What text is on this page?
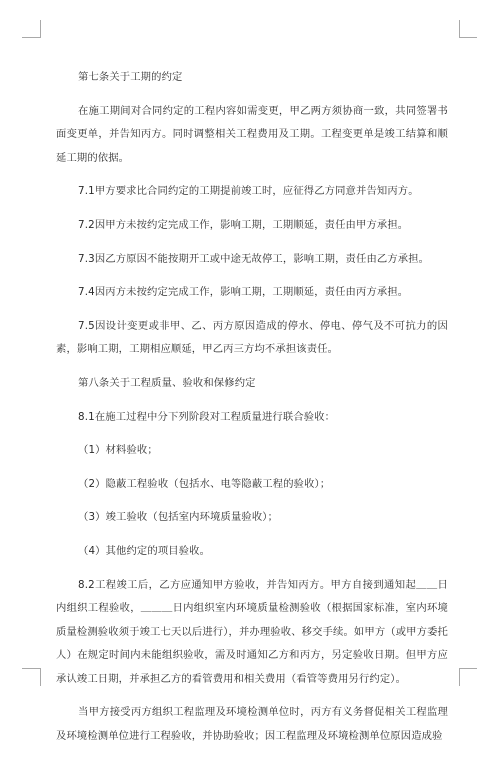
第七条关于工期的约定

在施工期间对合同约定的工程内容如需变更，甲乙两方须协商一致，共同签署书面变更单，并告知丙方。同时调整相关工程费用及工期。工程变更单是竣工结算和顺延工期的依据。

7.1甲方要求比合同约定的工期提前竣工时，应征得乙方同意并告知丙方。

7.2因甲方未按约定完成工作，影响工期，工期顺延，责任由甲方承担。

7.3因乙方原因不能按期开工或中途无故停工，影响工期，责任由乙方承担。

7.4因丙方未按约定完成工作，影响工期，工期顺延，责任由丙方承担。

7.5因设计变更或非甲、乙、丙方原因造成的停水、停电、停气及不可抗力的因素，影响工期，工期相应顺延，甲乙丙三方均不承担该责任。

第八条关于工程质量、验收和保修约定

8.1在施工过程中分下列阶段对工程质量进行联合验收：

（1）材料验收；

（2）隐蔽工程验收（包括水、电等隐蔽工程的验收）；

（3）竣工验收（包括室内环境质量验收）；

（4）其他约定的项目验收。

8.2工程竣工后，乙方应通知甲方验收，并告知丙方。甲方自接到通知起＿＿日内组织工程验收，＿＿＿日内组织室内环境质量检测验收（根据国家标准，室内环境质量检测验收须于竣工七天以后进行），并办理验收、移交手续。如甲方（或甲方委托人）在规定时间内未能组织验收，需及时通知乙方和丙方，另定验收日期。但甲方应承认竣工日期，并承担乙方的看管费用和相关费用（看管等费用另行约定）。

当甲方接受丙方组织工程监理及环境检测单位时，丙方有义务督促相关工程监理及环境检测单位进行工程验收，并协助验收；因工程监理及环境检测单位原因造成验
